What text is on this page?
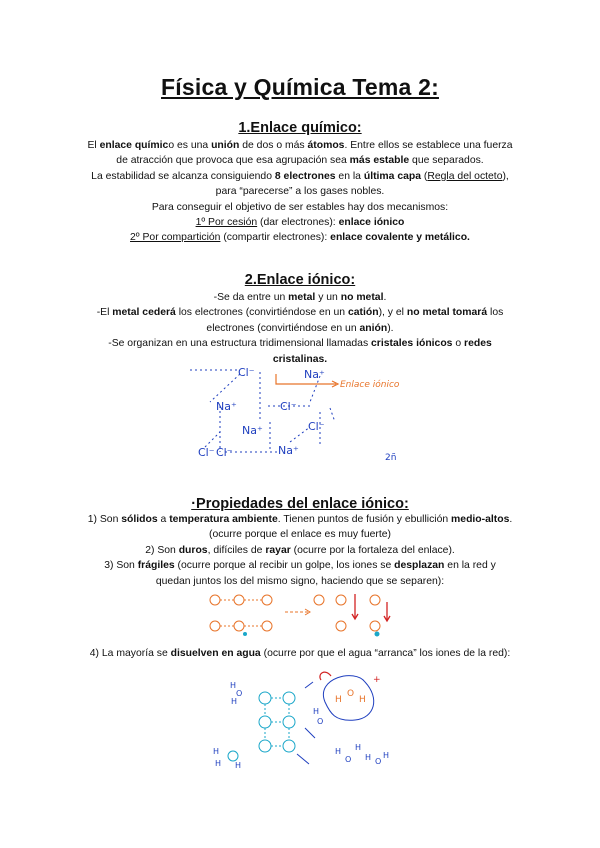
Física y Química Tema 2:
1.Enlace químico:

El enlace químico es una unión de dos o más átomos. Entre ellos se establece una fuerza

de atracción que provoca que esa agrupación sea más estable que separados.

La estabilidad se alcanza consiguiendo 8 electrones en la última capa (Regla del octeto),

para “parecerse” a los gases nobles.

Para conseguir el objetivo de ser estables hay dos mecanismos:

1º Por cesión (dar electrones): enlace iónico

2º Por compartición (compartir electrones): enlace covalente y metálico.

2.Enlace iónico:

-Se da entre un metal y un no metal.

-El metal cederá los electrones (convirtiéndose en un catión), y el no metal tomará los

electrones (convirtiéndose en un anión).

-Se organizan en una estructura tridimensional llamadas cristales iónicos o redes

cristalinas.

Cl⁻	Na⁺
Na⁺	Cl⁻
Na⁺	Cl⁻
Cl⁻	Na⁺
Cl⁻	2ñ
Enlace iónico
·Propiedades del enlace iónico:

1) Son sólidos a temperatura ambiente. Tienen puntos de fusión y ebullición medio-altos.

(ocurre porque el enlace es muy fuerte)

2) Son duros, difíciles de rayar (ocurre por la fortaleza del enlace).

3) Son frágiles (ocurre porque al recibir un golpe, los iones se desplazan en la red y

quedan juntos los del mismo signo, haciendo que se separen):

4) La mayoría se disuelven en agua (ocurre por que el agua “arranca” los iones de la red):

H
O
H
H
H H
H
O
H
O
H
H O
H
H
O
H
+
